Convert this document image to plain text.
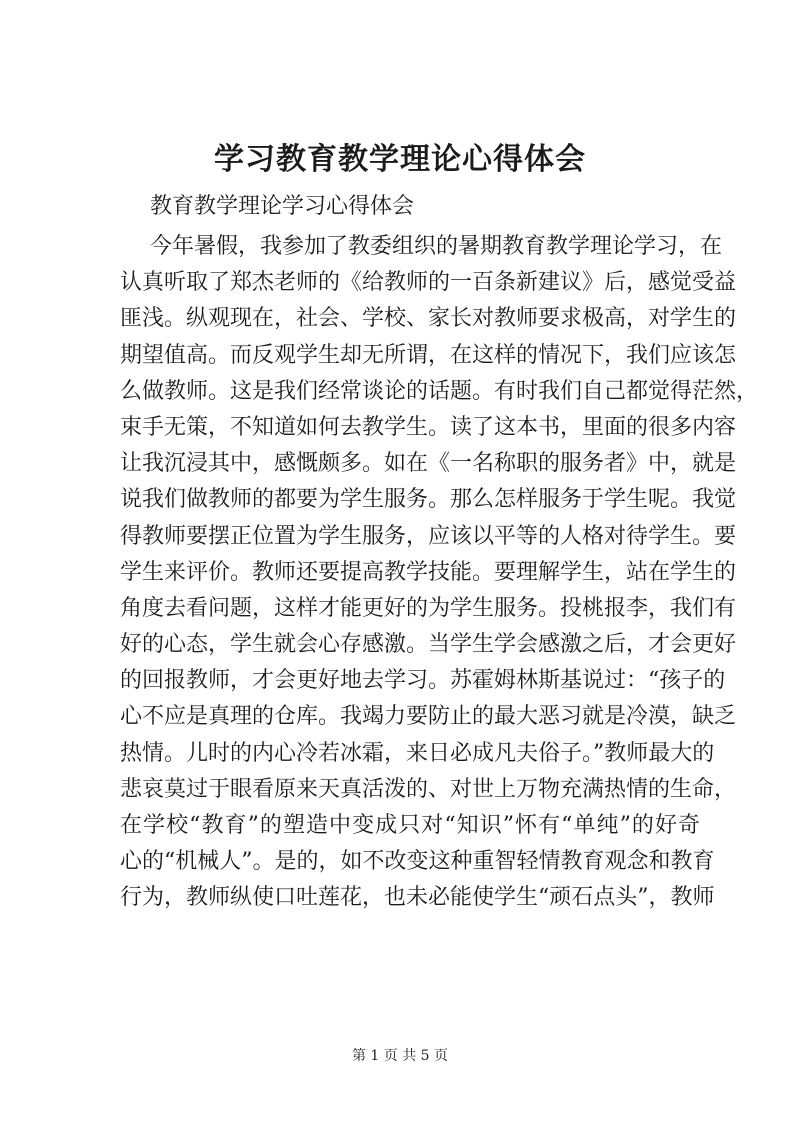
学习教育教学理论心得体会

教育教学理论学习心得体会

今年暑假，我参加了教委组织的暑期教育教学理论学习，在
认真听取了郑杰老师的《给教师的一百条新建议》后，感觉受益
匪浅。纵观现在，社会、学校、家长对教师要求极高，对学生的
期望值高。而反观学生却无所谓，在这样的情况下，我们应该怎
么做教师。这是我们经常谈论的话题。有时我们自己都觉得茫然，
束手无策，不知道如何去教学生。读了这本书，里面的很多内容
让我沉浸其中，感慨颇多。如在《一名称职的服务者》中，就是
说我们做教师的都要为学生服务。那么怎样服务于学生呢。我觉
得教师要摆正位置为学生服务，应该以平等的人格对待学生。要
学生来评价。教师还要提高教学技能。要理解学生，站在学生的
角度去看问题，这样才能更好的为学生服务。投桃报李，我们有
好的心态，学生就会心存感激。当学生学会感激之后，才会更好
的回报教师，才会更好地去学习。苏霍姆林斯基说过：“孩子的
心不应是真理的仓库。我竭力要防止的最大恶习就是冷漠，缺乏
热情。儿时的内心冷若冰霜，来日必成凡夫俗子。”教师最大的
悲哀莫过于眼看原来天真活泼的、对世上万物充满热情的生命，
在学校“教育”的塑造中变成只对“知识”怀有“单纯”的好奇
心的“机械人”。是的，如不改变这种重智轻情教育观念和教育
行为，教师纵使口吐莲花，也未必能使学生“顽石点头”，教师
第 1 页 共 5 页
